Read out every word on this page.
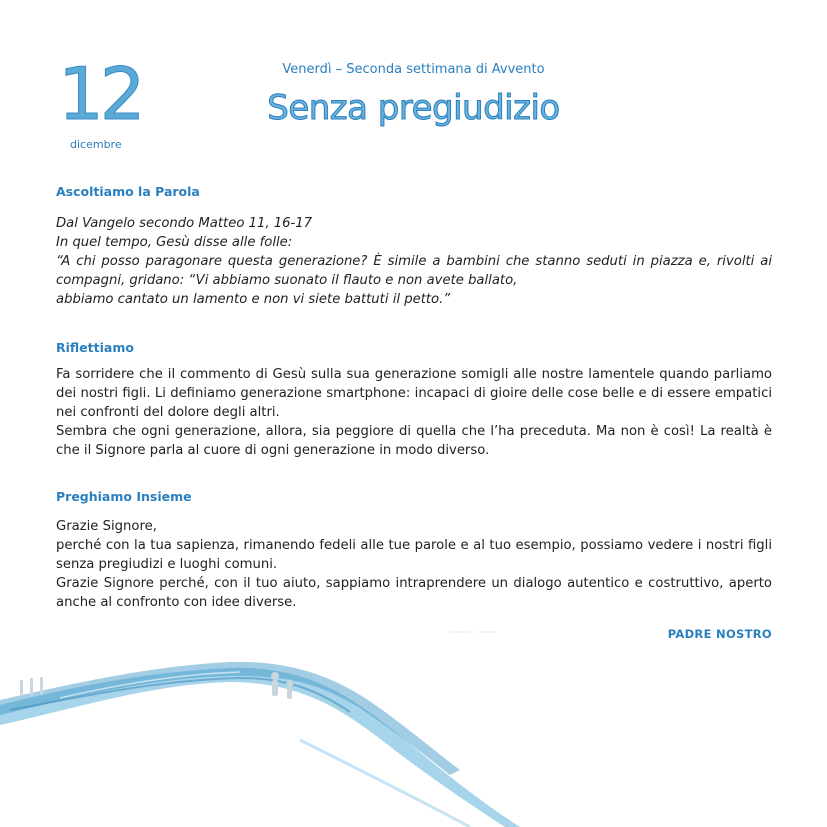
12
dicembre
Venerdì – Seconda settimana di Avvento
Senza pregiudizio
Ascoltiamo la Parola

Dal Vangelo secondo Matteo 11, 16-17

In quel tempo, Gesù disse alle folle:

“A chi posso paragonare questa generazione? È simile a bambini che stanno seduti in piazza e, rivolti ai compagni, gridano: “Vi abbiamo suonato il flauto e non avete ballato,

abbiamo cantato un lamento e non vi siete battuti il petto.”

Riflettiamo

Fa sorridere che il commento di Gesù sulla sua generazione somigli alle nostre lamentele quando parliamo dei nostri figli. Li definiamo generazione smartphone: incapaci di gioire delle cose belle e di essere empatici nei confronti del dolore degli altri.

Sembra che ogni generazione, allora, sia peggiore di quella che l’ha preceduta. Ma non è così! La realtà è che il Signore parla al cuore di ogni generazione in modo diverso.

Preghiamo Insieme

Grazie Signore,

perché con la tua sapienza, rimanendo fedeli alle tue parole e al tuo esempio, possiamo vedere i nostri figli senza pregiudizi e luoghi comuni.

Grazie Signore perché, con il tuo aiuto, sappiamo intraprendere un dialogo autentico e costruttivo, aperto anche al confronto con idee diverse.

PADRE NOSTRO
